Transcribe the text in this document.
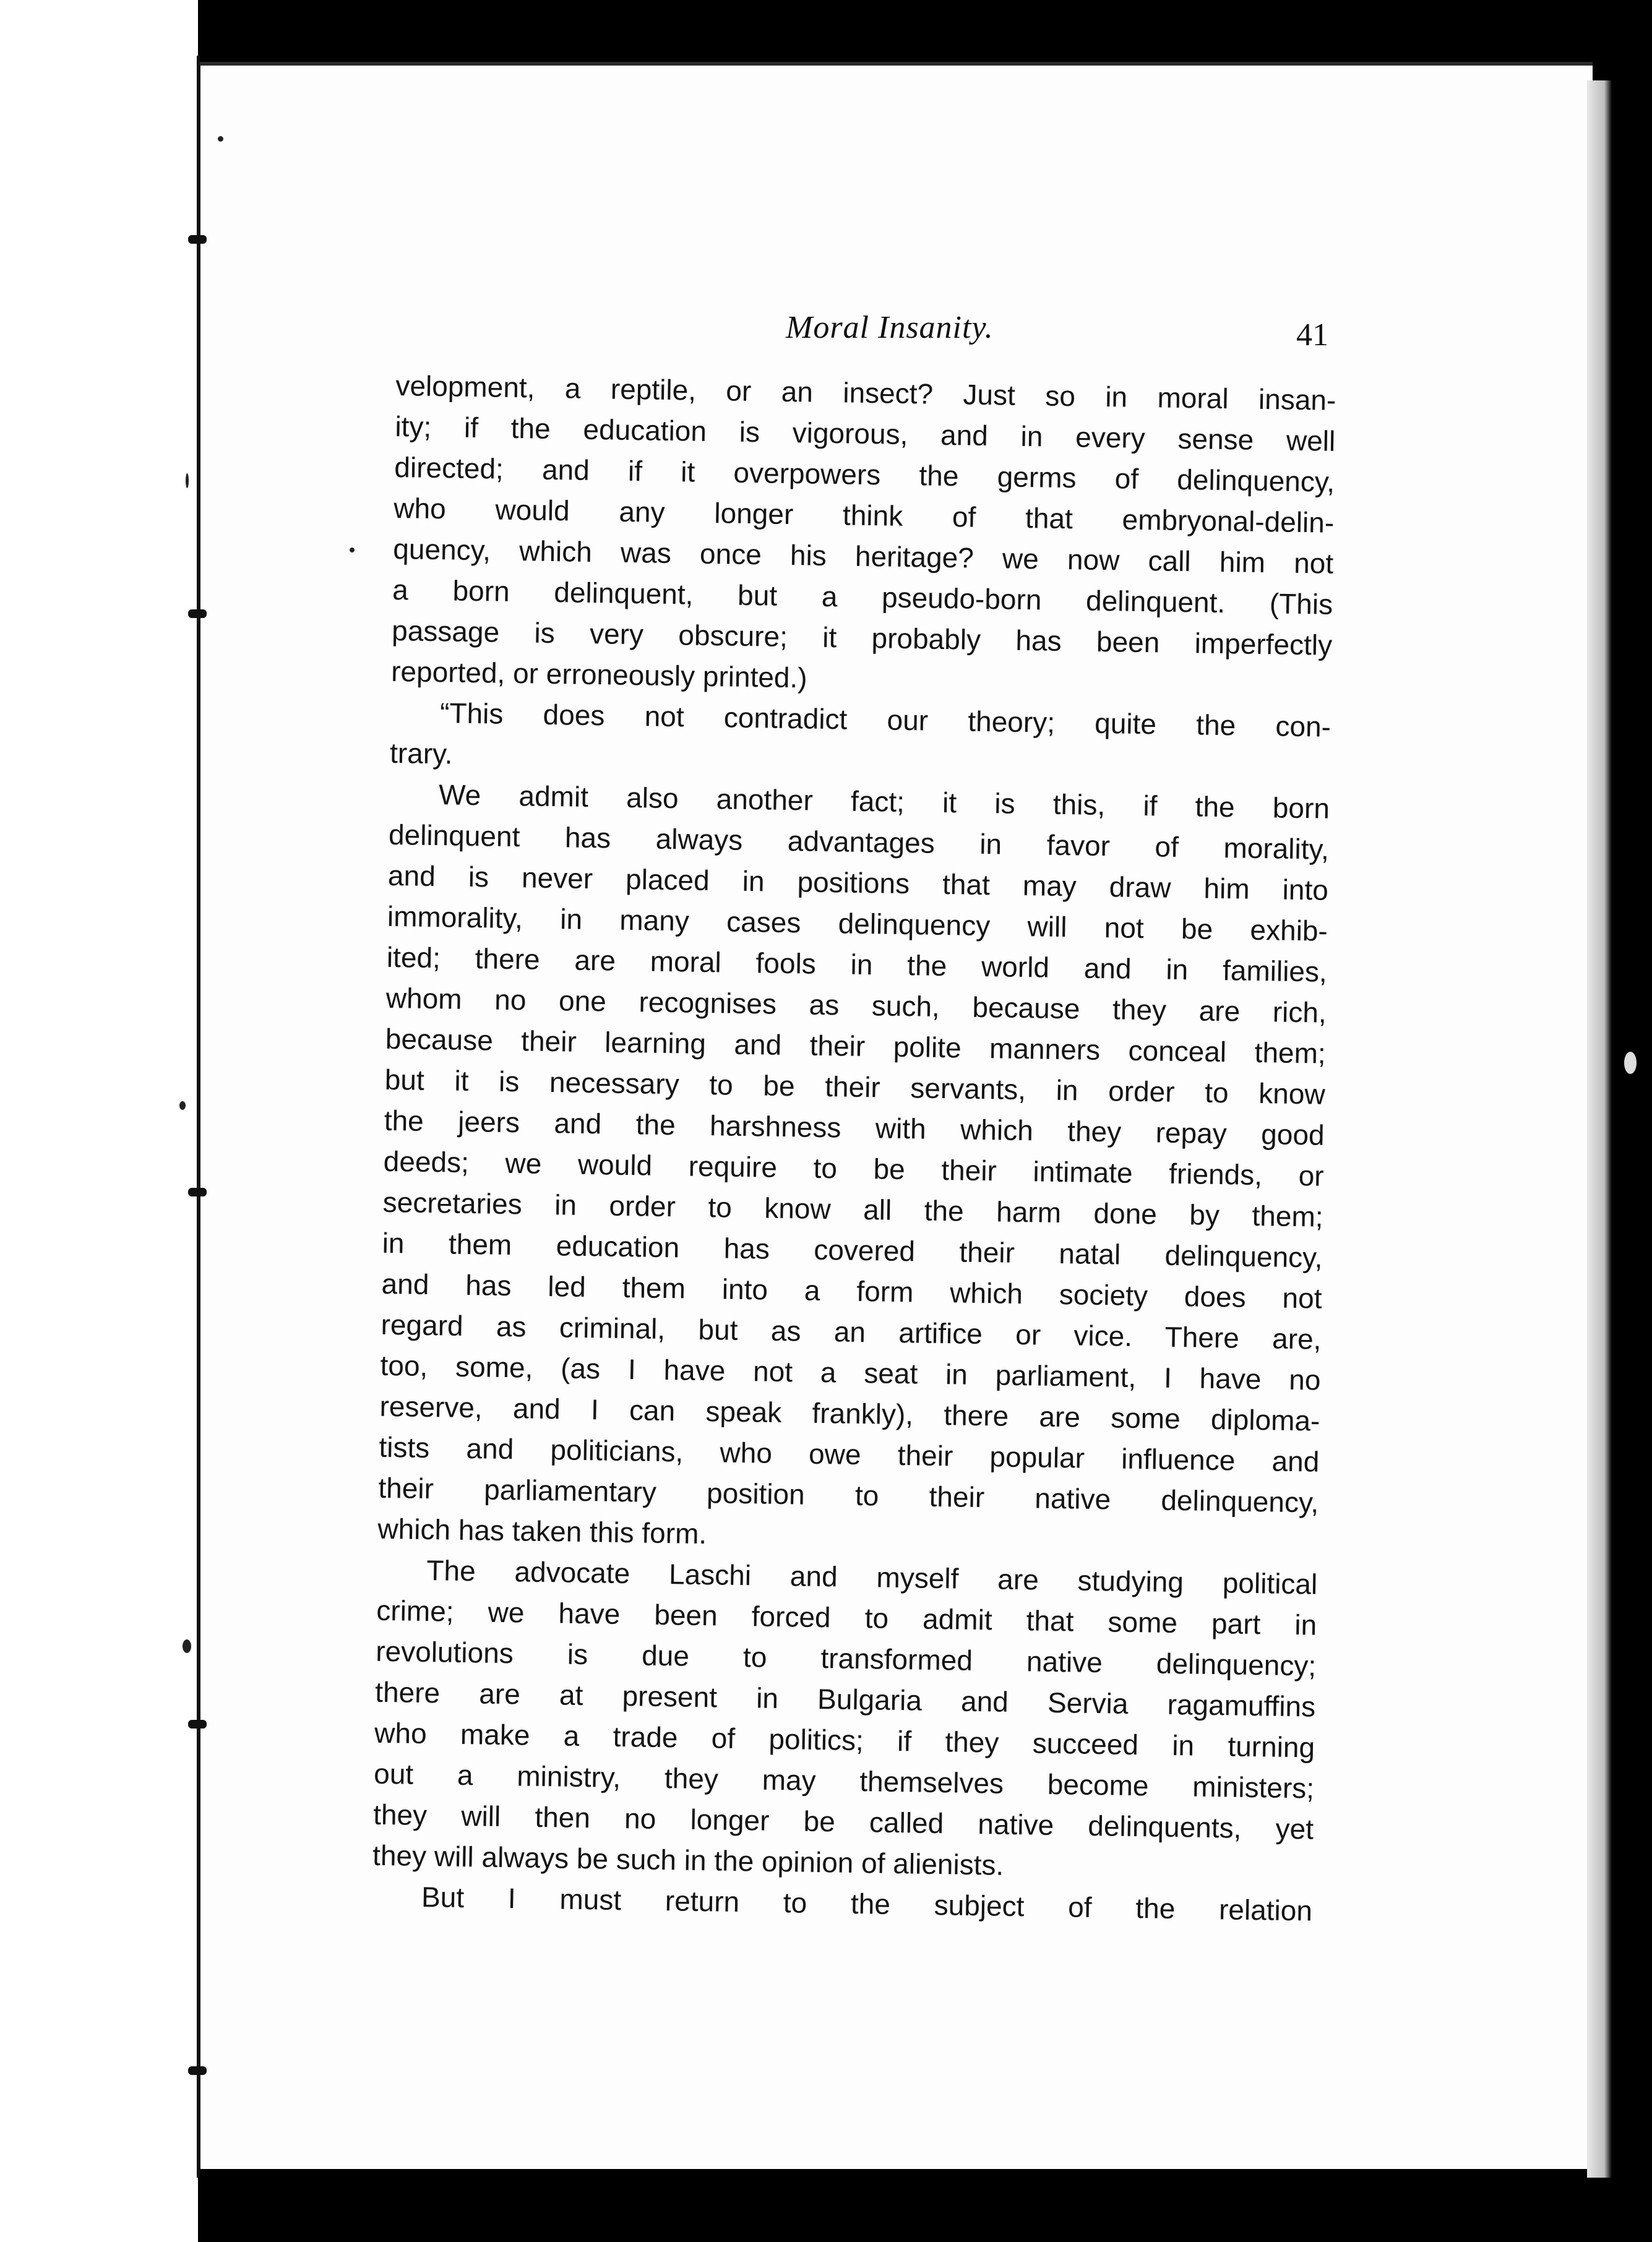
Moral Insanity.	41
velopment, a reptile, or an insect? Just so in moral insan-
ity; if the education is vigorous, and in every sense well
directed; and if it overpowers the germs of delinquency,
who would any longer think of that embryonal-delin-
quency, which was once his heritage? we now call him not
a born delinquent, but a pseudo-born delinquent. (This
passage is very obscure; it probably has been imperfectly
reported, or erroneously printed.)
“This does not contradict our theory; quite the con-
trary.
We admit also another fact; it is this, if the born
delinquent has always advantages in favor of morality,
and is never placed in positions that may draw him into
immorality, in many cases delinquency will not be exhib-
ited; there are moral fools in the world and in families,
whom no one recognises as such, because they are rich,
because their learning and their polite manners conceal them;
but it is necessary to be their servants, in order to know
the jeers and the harshness with which they repay good
deeds; we would require to be their intimate friends, or
secretaries in order to know all the harm done by them;
in them education has covered their natal delinquency,
and has led them into a form which society does not
regard as criminal, but as an artifice or vice. There are,
too, some, (as I have not a seat in parliament, I have no
reserve, and I can speak frankly), there are some diploma-
tists and politicians, who owe their popular influence and
their parliamentary position to their native delinquency,
which has taken this form.
The advocate Laschi and myself are studying political
crime; we have been forced to admit that some part in
revolutions is due to transformed native delinquency;
there are at present in Bulgaria and Servia ragamuffins
who make a trade of politics; if they succeed in turning
out a ministry, they may themselves become ministers;
they will then no longer be called native delinquents, yet
they will always be such in the opinion of alienists.
But I must return to the subject of the relation
